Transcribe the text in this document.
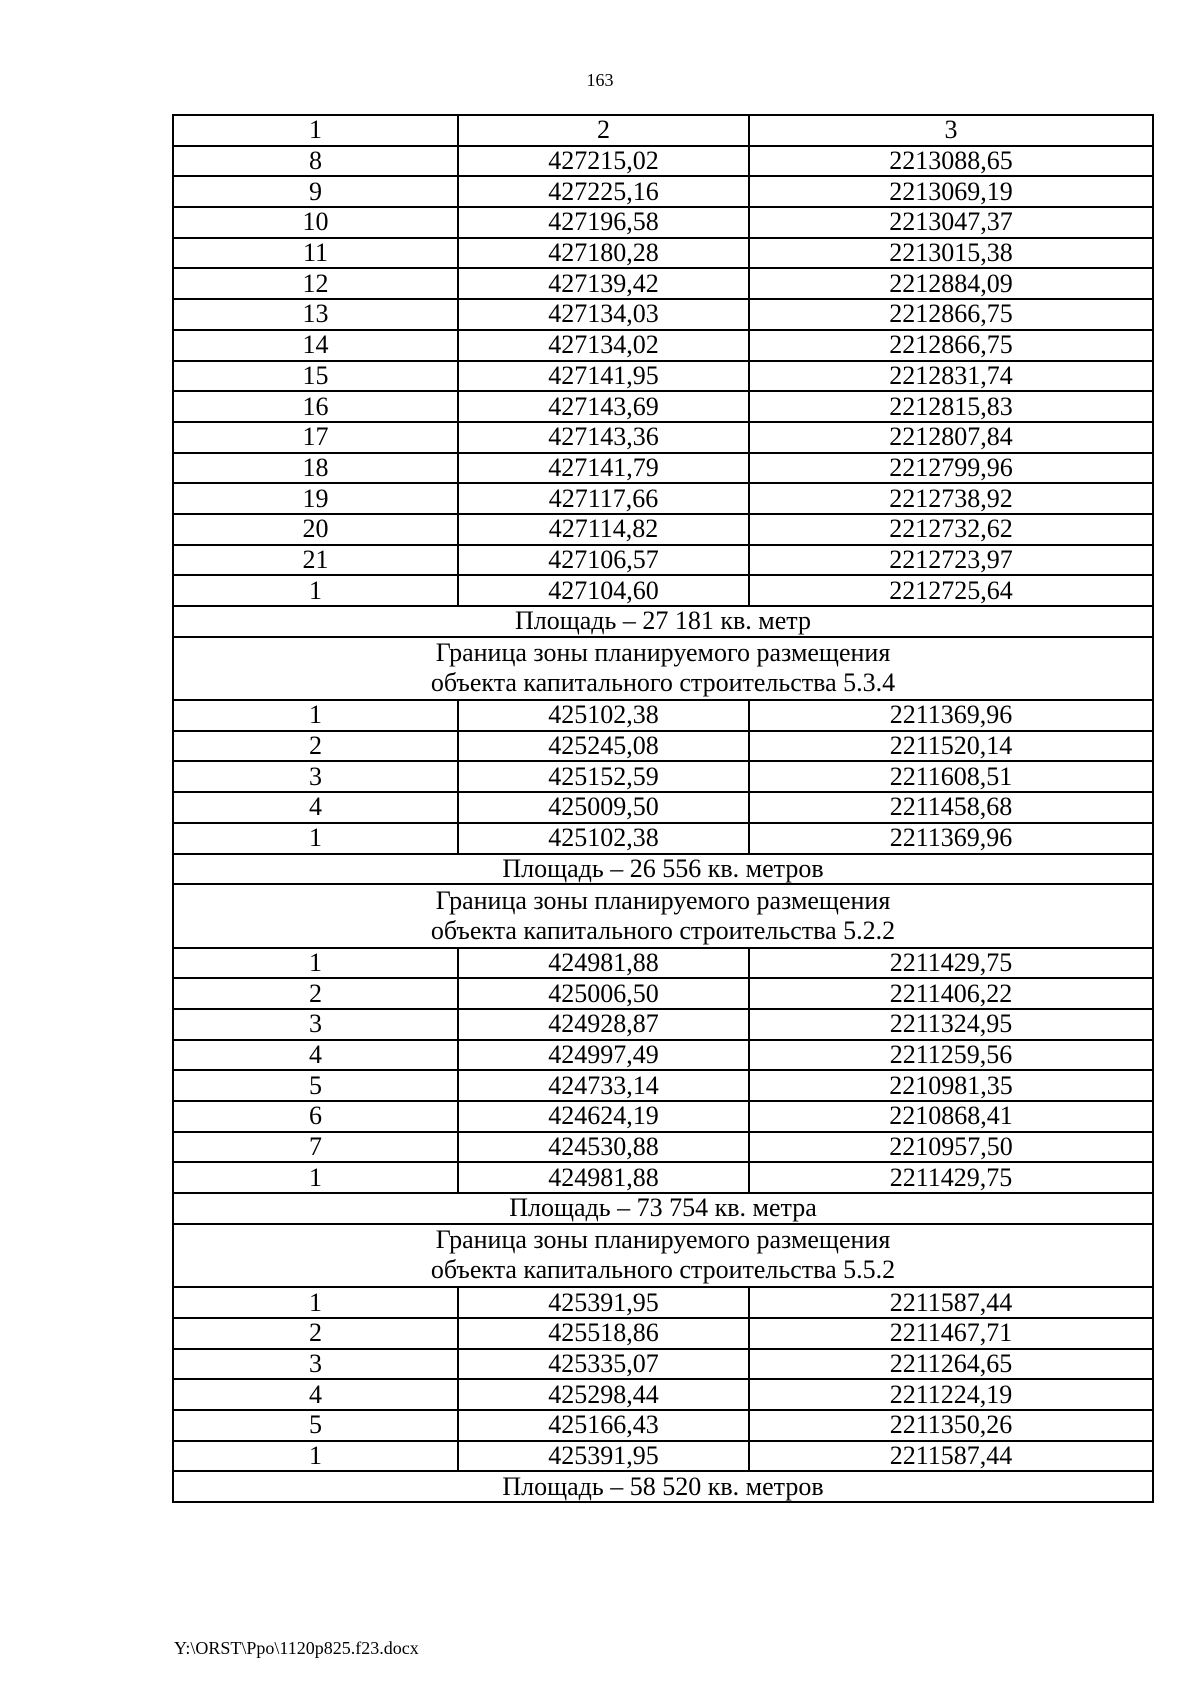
163
1	2	3
8	427215,02	2213088,65
9	427225,16	2213069,19
10	427196,58	2213047,37
11	427180,28	2213015,38
12	427139,42	2212884,09
13	427134,03	2212866,75
14	427134,02	2212866,75
15	427141,95	2212831,74
16	427143,69	2212815,83
17	427143,36	2212807,84
18	427141,79	2212799,96
19	427117,66	2212738,92
20	427114,82	2212732,62
21	427106,57	2212723,97
1	427104,60	2212725,64
Площадь – 27 181 кв. метр		

Граница зоны планируемого размещения
объекта капитального строительства 5.3.4		

1	425102,38	2211369,96
2	425245,08	2211520,14
3	425152,59	2211608,51
4	425009,50	2211458,68
1	425102,38	2211369,96
Площадь – 26 556 кв. метров		

Граница зоны планируемого размещения
объекта капитального строительства 5.2.2		

1	424981,88	2211429,75
2	425006,50	2211406,22
3	424928,87	2211324,95
4	424997,49	2211259,56
5	424733,14	2210981,35
6	424624,19	2210868,41
7	424530,88	2210957,50
1	424981,88	2211429,75
Площадь – 73 754 кв. метра		

Граница зоны планируемого размещения
объекта капитального строительства 5.5.2		

1	425391,95	2211587,44
2	425518,86	2211467,71
3	425335,07	2211264,65
4	425298,44	2211224,19
5	425166,43	2211350,26
1	425391,95	2211587,44
Площадь – 58 520 кв. метров		
Y:\ORST\Ppo\1120p825.f23.docx
